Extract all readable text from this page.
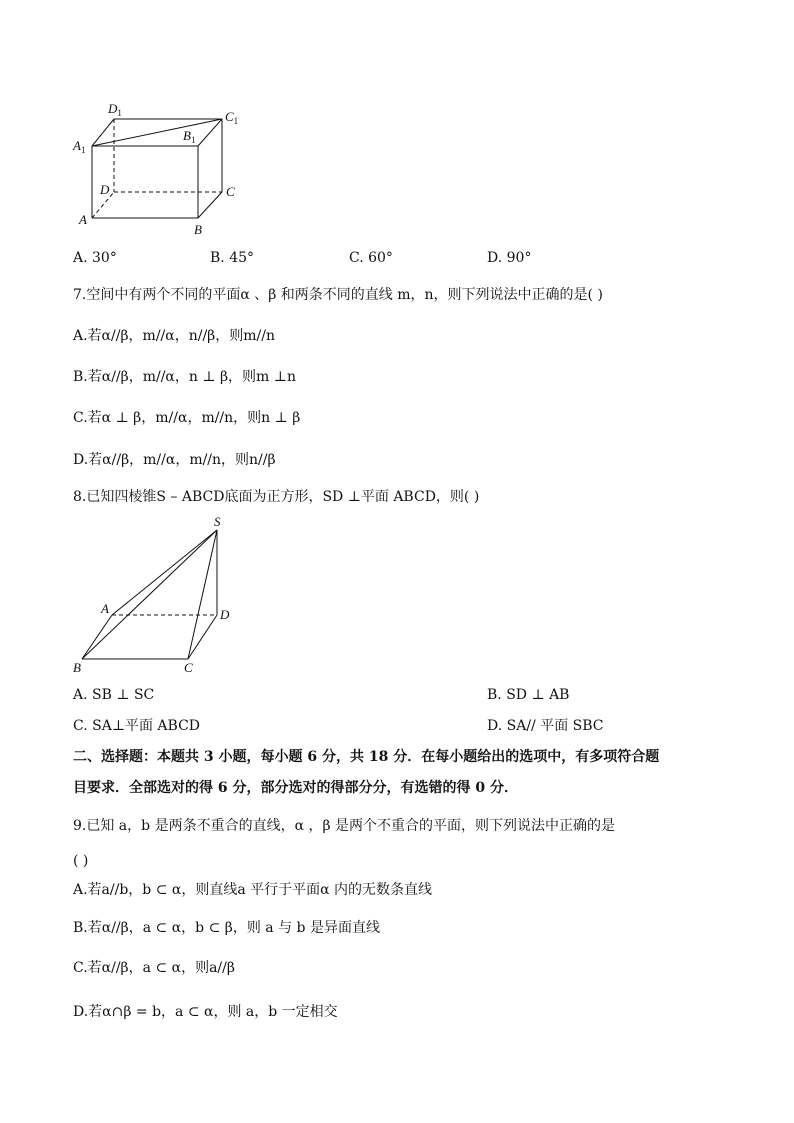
$D_1$	$C_1$
$A_1$
$B_1$
D	C
A
B
A. 30°	B. 45°	C. 60°	D. 90°
7.空间中有两个不同的平面α 、β 和两条不同的直线 m，n，则下列说法中正确的是( )
A.若α//β，m//α，n//β，则m//n
B.若α//β，m//α，n ⊥ β，则m ⊥n
C.若α ⊥ β，m//α，m//n，则n ⊥ β
D.若α//β，m//α，m//n，则n//β
8.已知四棱锥S – ABCD底面为正方形，SD ⊥平面 ABCD，则( )
S
A	D
B	C
A. SB ⊥ SC	B. SD ⊥ AB
C. SA⊥平面 ABCD	D. SA// 平面 SBC
二、选择题：本题共 3 小题，每小题 6 分，共 18 分．在每小题给出的选项中，有多项符合题
目要求．全部选对的得 6 分，部分选对的得部分分，有选错的得 0 分．
9.已知 a，b 是两条不重合的直线，α ，β 是两个不重合的平面，则下列说法中正确的是
( )
A.若a//b，b ⊂ α，则直线a 平行于平面α 内的无数条直线
B.若α//β，a ⊂ α，b ⊂ β，则 a 与 b 是异面直线
C.若α//β，a ⊂ α，则a//β
D.若α∩β = b，a ⊂ α，则 a，b 一定相交
